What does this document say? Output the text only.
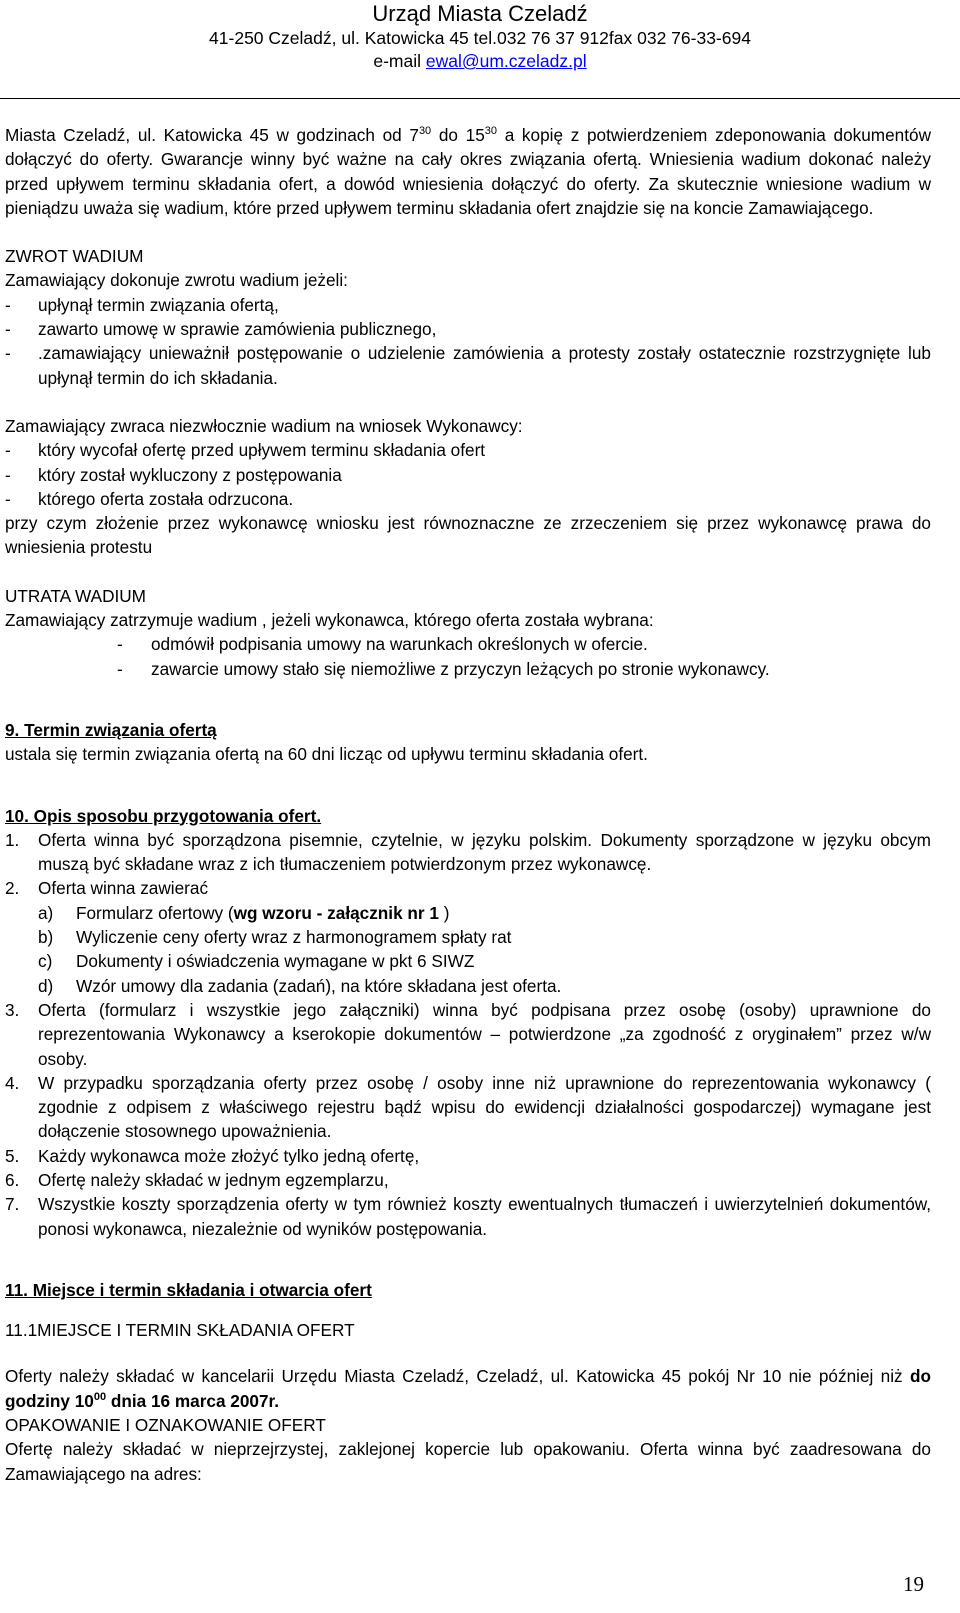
Urząd Miasta Czeladź
41-250 Czeladź, ul. Katowicka 45 tel.032 76 37 912fax 032 76-33-694
e-mail ewal@um.czeladz.pl

Miasta Czeladź, ul. Katowicka 45 w godzinach od $7^{30}$ do $15^{30}$ a kopię z potwierdzeniem zdeponowania dokumentów dołączyć do oferty. Gwarancje winny być ważne na cały okres związania ofertą. Wniesienia wadium dokonać należy przed upływem terminu składania ofert, a dowód wniesienia dołączyć do oferty. Za skutecznie wniesione wadium w pieniądzu uważa się wadium, które przed upływem terminu składania ofert znajdzie się na koncie Zamawiającego.

ZWROT WADIUM

Zamawiający dokonuje zwrotu wadium jeżeli:

-	upłynął termin związania ofertą,
-	zawarto umowę w sprawie zamówienia publicznego,
-	.zamawiający unieważnił postępowanie o udzielenie zamówienia a protesty zostały ostatecznie rozstrzygnięte lub upłynął termin do ich składania.

Zamawiający zwraca niezwłocznie wadium na wniosek Wykonawcy:

-	który wycofał ofertę przed upływem terminu składania ofert
-	który został wykluczony z postępowania
-	którego oferta została odrzucona.

przy czym złożenie przez wykonawcę wniosku jest równoznaczne ze zrzeczeniem się przez wykonawcę prawa do wniesienia protestu

UTRATA WADIUM

Zamawiający zatrzymuje wadium , jeżeli wykonawca, którego oferta została wybrana:

-	odmówił podpisania umowy na warunkach określonych w ofercie.
-	zawarcie umowy stało się niemożliwe z przyczyn leżących po stronie wykonawcy.

9. Termin związania ofertą

ustala się termin związania ofertą na 60 dni licząc od upływu terminu składania ofert.

10. Opis sposobu przygotowania ofert.

1.	Oferta winna być sporządzona pisemnie, czytelnie, w języku polskim. Dokumenty sporządzone w języku obcym muszą być składane wraz z ich tłumaczeniem potwierdzonym przez wykonawcę.
2.	Oferta winna zawierać
a)	Formularz ofertowy (wg wzoru - załącznik nr 1 )
b)	Wyliczenie ceny oferty wraz z harmonogramem spłaty rat
c)	Dokumenty i oświadczenia wymagane w pkt 6 SIWZ
d)	Wzór umowy dla zadania (zadań), na które składana jest oferta.
3.	Oferta (formularz i wszystkie jego załączniki) winna być podpisana przez osobę (osoby) uprawnione do reprezentowania Wykonawcy a kserokopie dokumentów – potwierdzone „za zgodność z oryginałem” przez w/w osoby.
4.	W przypadku sporządzania oferty przez osobę / osoby inne niż uprawnione do reprezentowania wykonawcy ( zgodnie z odpisem z właściwego rejestru bądź wpisu do ewidencji działalności gospodarczej) wymagane jest dołączenie stosownego upoważnienia.
5.	Każdy wykonawca może złożyć tylko jedną ofertę,
6.	Ofertę należy składać w jednym egzemplarzu,
7.	Wszystkie koszty sporządzenia oferty w tym również koszty ewentualnych tłumaczeń i uwierzytelnień dokumentów, ponosi wykonawca, niezależnie od wyników postępowania.

11. Miejsce i termin składania i otwarcia ofert

11.1MIEJSCE I TERMIN SKŁADANIA OFERT

Oferty należy składać w kancelarii Urzędu Miasta Czeladź, Czeladź, ul. Katowicka 45 pokój Nr 10 nie później niż do godziny $10^{00}$ dnia 16 marca 2007r.

OPAKOWANIE I OZNAKOWANIE OFERT

Ofertę należy składać w nieprzejrzystej, zaklejonej kopercie lub opakowaniu. Oferta winna być zaadresowana do Zamawiającego na adres:

19
